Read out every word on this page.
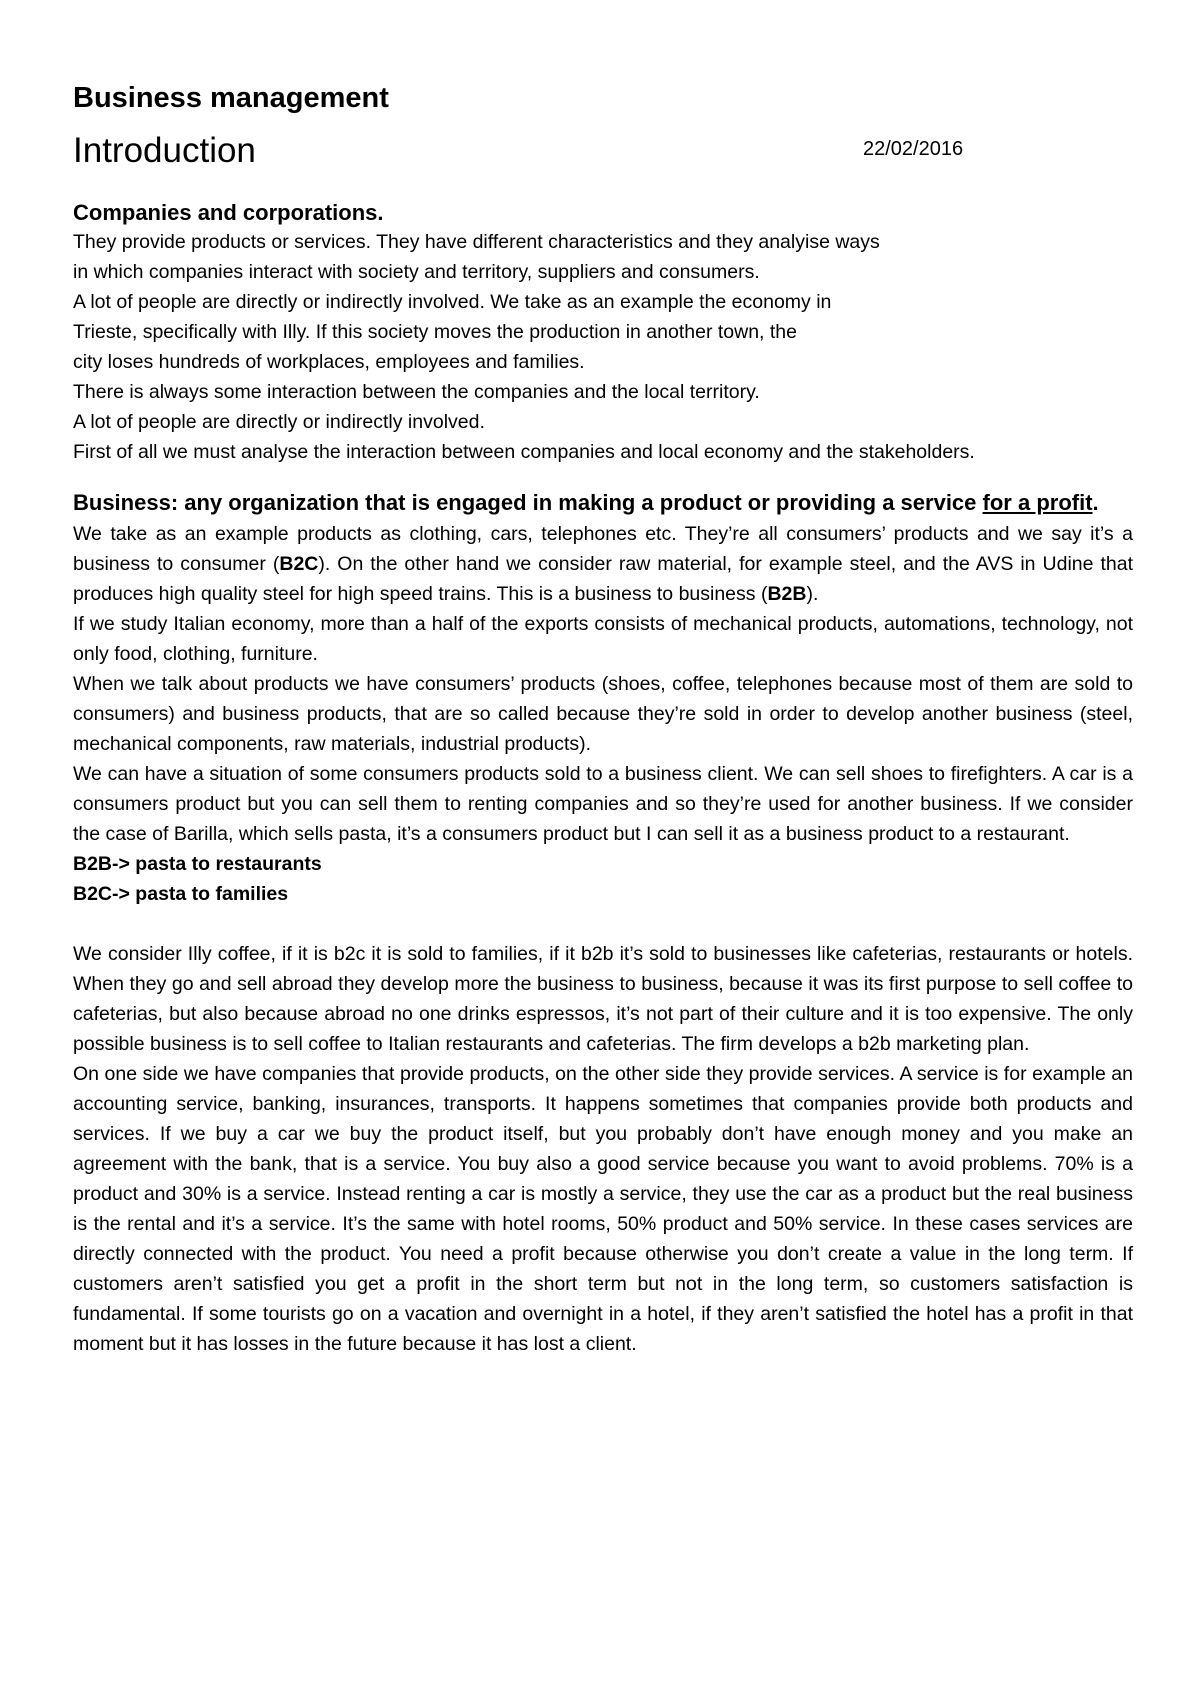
Business management
Introduction	22/02/2016
Companies and corporations.

They provide products or services. They have different characteristics and they analyise ways

in which companies interact with society and territory, suppliers and consumers.

A lot of people are directly or indirectly involved. We take as an example the economy in

Trieste, specifically with Illy. If this society moves the production in another town, the

city loses hundreds of workplaces, employees and families.

There is always some interaction between the companies and the local territory.

A lot of people are directly or indirectly involved.

First of all we must analyse the interaction between companies and local economy and the stakeholders.

Business: any organization that is engaged in making a product or providing a service for a profit.

We take as an example products as clothing, cars, telephones etc. They’re all consumers’ products and we say it’s a business to consumer (B2C). On the other hand we consider raw material, for example steel, and the AVS in Udine that produces high quality steel for high speed trains. This is a business to business (B2B).

If we study Italian economy, more than a half of the exports consists of mechanical products, automations, technology, not only food, clothing, furniture.

When we talk about products we have consumers’ products (shoes, coffee, telephones because most of them are sold to consumers) and business products, that are so called because they’re sold in order to develop another business (steel, mechanical components, raw materials, industrial products).

We can have a situation of some consumers products sold to a business client. We can sell shoes to firefighters. A car is a consumers product but you can sell them to renting companies and so they’re used for another business. If we consider the case of Barilla, which sells pasta, it’s a consumers product but I can sell it as a business product to a restaurant.

B2B-> pasta to restaurants

B2C-> pasta to families

We consider Illy coffee, if it is b2c it is sold to families, if it b2b it’s sold to businesses like cafeterias, restaurants or hotels. When they go and sell abroad they develop more the business to business, because it was its first purpose to sell coffee to cafeterias, but also because abroad no one drinks espressos, it’s not part of their culture and it is too expensive. The only possible business is to sell coffee to Italian restaurants and cafeterias. The firm develops a b2b marketing plan.

On one side we have companies that provide products, on the other side they provide services. A service is for example an accounting service, banking, insurances, transports. It happens sometimes that companies provide both products and services. If we buy a car we buy the product itself, but you probably don’t have enough money and you make an agreement with the bank, that is a service. You buy also a good service because you want to avoid problems. 70% is a product and 30% is a service. Instead renting a car is mostly a service, they use the car as a product but the real business is the rental and it’s a service. It’s the same with hotel rooms, 50% product and 50% service. In these cases services are directly connected with the product. You need a profit because otherwise you don’t create a value in the long term. If customers aren’t satisfied you get a profit in the short term but not in the long term, so customers satisfaction is fundamental. If some tourists go on a vacation and overnight in a hotel, if they aren’t satisfied the hotel has a profit in that moment but it has losses in the future because it has lost a client.
